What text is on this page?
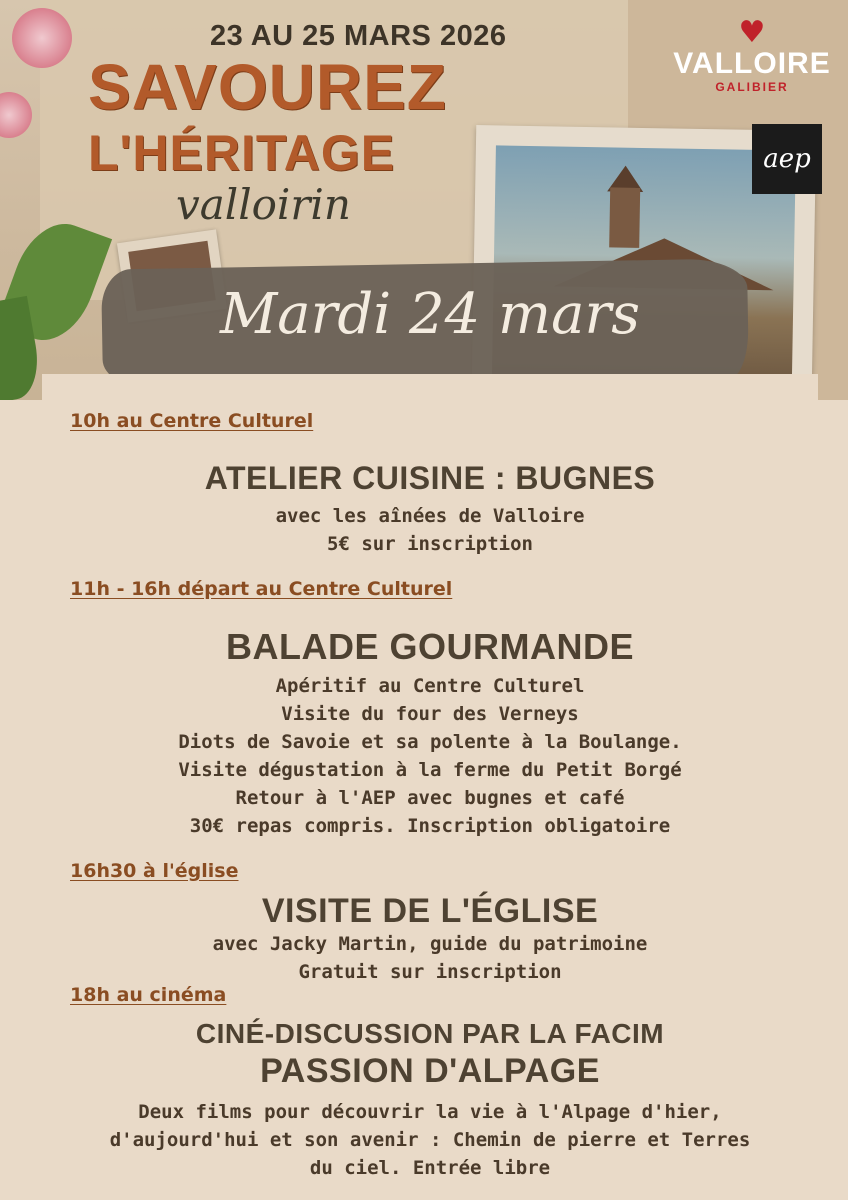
23 AU 25 MARS 2026
SAVOUREZ
L'HÉRITAGE
valloirin
♥
VALLOIRE
GALIBIER
aep
Mardi 24 mars
10h au Centre Culturel
ATELIER CUISINE : BUGNES
avec les aînées de Valloire
5€ sur inscription
11h - 16h départ au Centre Culturel
BALADE GOURMANDE
Apéritif au Centre Culturel
Visite du four des Verneys
Diots de Savoie et sa polente à la Boulange.
Visite dégustation à la ferme du Petit Borgé
Retour à l'AEP avec bugnes et café
30€ repas compris. Inscription obligatoire
16h30 à l'église
VISITE DE L'ÉGLISE
avec Jacky Martin, guide du patrimoine
Gratuit sur inscription
18h au cinéma
CINÉ-DISCUSSION PAR LA FACIM
PASSION D'ALPAGE
Deux films pour découvrir la vie à l'Alpage d'hier,
d'aujourd'hui et son avenir : Chemin de pierre et Terres
du ciel. Entrée libre
